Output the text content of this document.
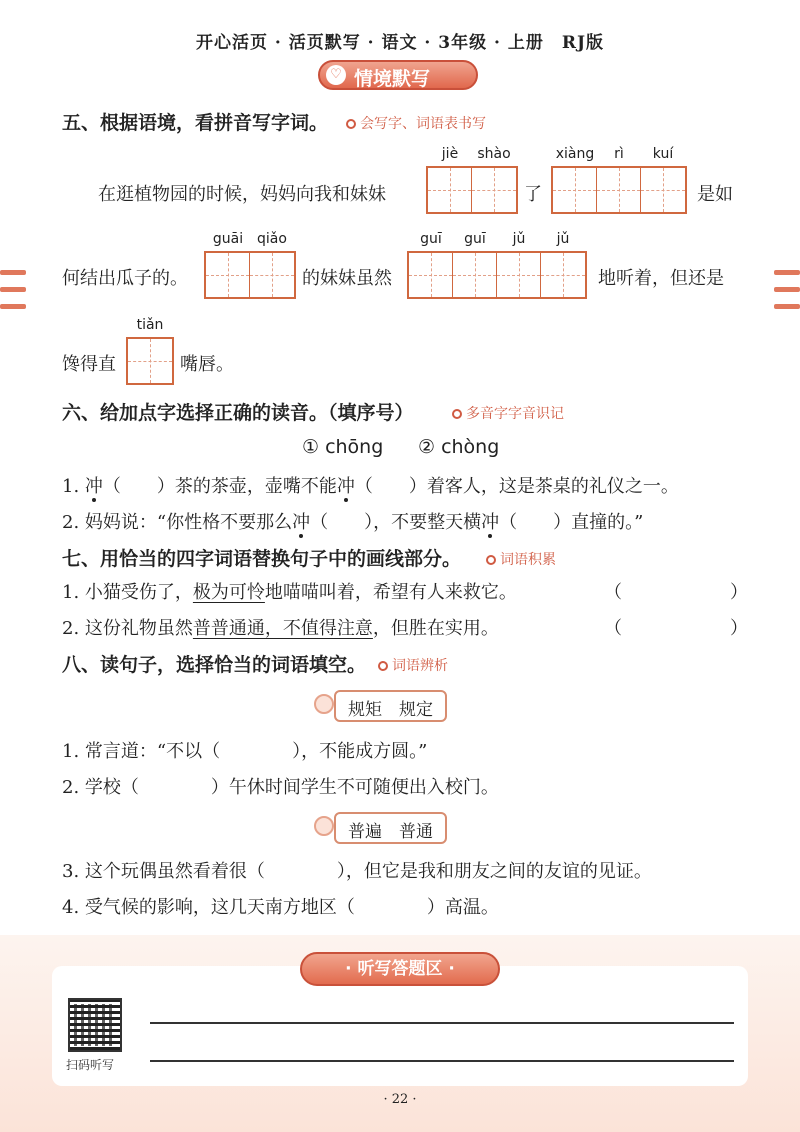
开心活页 · 活页默写 · 语文 · 3年级 · 上册　RJ版
♡ 情境默写
五、根据语境，看拼音写字词。	会写字、词语表书写
在逛植物园的时候，妈妈向我和妹妹
jiè	shào
了
xiàng	rì	kuí
是如
何结出瓜子的。
guāi qiǎo
的妹妹虽然
guī	guī	jǔ	jǔ
地听着，但还是
馋得直
tiǎn
嘴唇。
六、给加点字选择正确的读音。（填序号）	多音字字音识记
① chōng ② chòng
1. 冲（　　）茶的茶壶，壶嘴不能冲（　　）着客人，这是茶桌的礼仪之一。
2. 妈妈说：“你性格不要那么冲（　　），不要整天横冲（　　）直撞的。”
七、用恰当的四字词语替换句子中的画线部分。	词语积累
1. 小猫受伤了，极为可怜地喵喵叫着，希望有人来救它。	（　　　　　　）
2. 这份礼物虽然普普通通，不值得注意，但胜在实用。	（　　　　　　）
八、读句子，选择恰当的词语填空。	词语辨析
规矩　规定
1. 常言道：“不以（　　　　），不能成方圆。”
2. 学校（　　　　）午休时间学生不可随便出入校门。
普遍　普通
3. 这个玩偶虽然看着很（　　　　），但它是我和朋友之间的友谊的见证。
4. 受气候的影响，这几天南方地区（　　　　）高温。
· 听写答题区 ·
扫码听写
· 22 ·
